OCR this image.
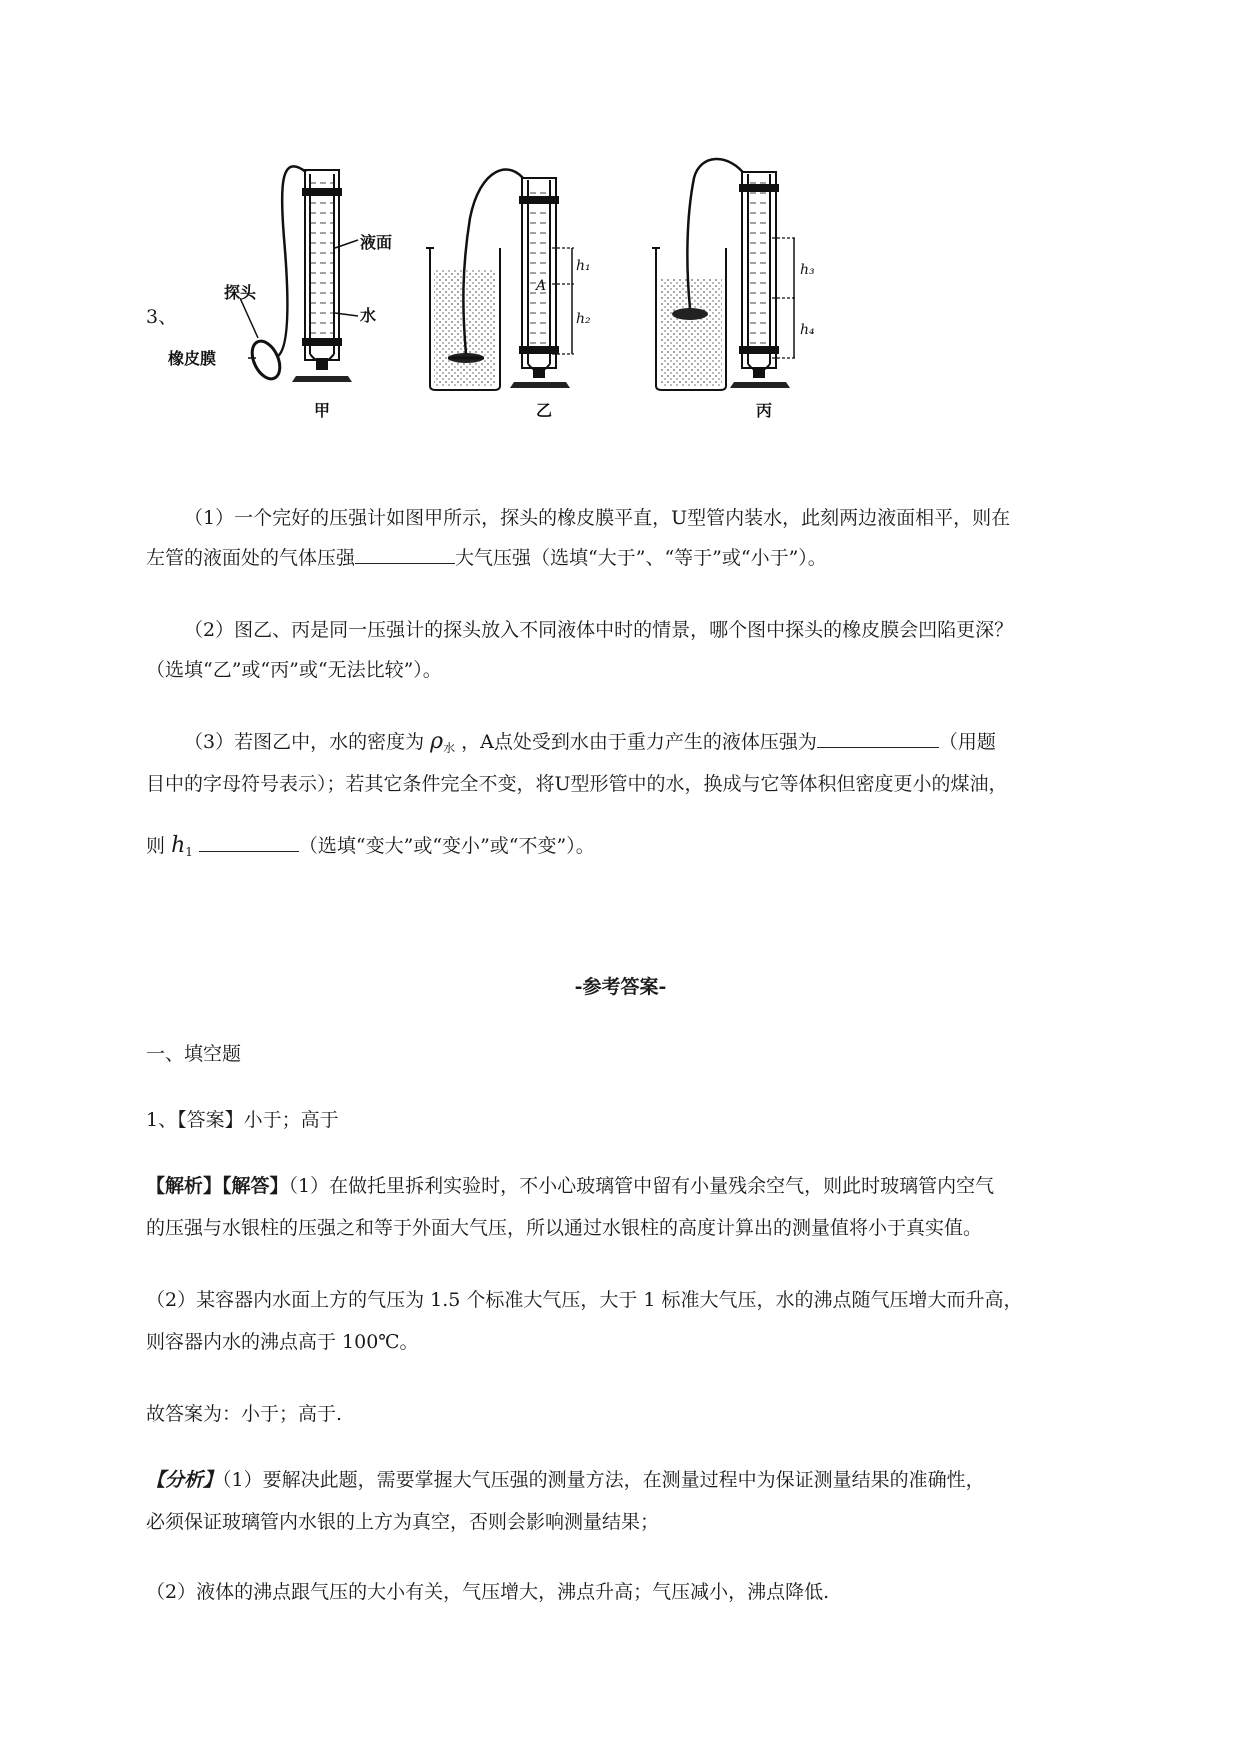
3、
液面
水
探头
橡皮膜
甲
h₁
h₂
A
乙
h₃
h₄
丙
（1）一个完好的压强计如图甲所示，探头的橡皮膜平直，U型管内装水，此刻两边液面相平，则在
左管的液面处的气体压强	大气压强（选填“大于”、“等于”或“小于”）。
（2）图乙、丙是同一压强计的探头放入不同液体中时的情景，哪个图中探头的橡皮膜会凹陷更深？
（选填“乙”或“丙”或“无法比较”）。
（3）若图乙中，水的密度为 $\rho_水$ ，A点处受到水由于重力产生的液体压强为	（用题
目中的字母符号表示）；若其它条件完全不变，将U型形管中的水，换成与它等体积但密度更小的煤油，
则 $h_1$	（选填“变大”或“变小”或“不变”）。
-参考答案-
一、填空题
1、【答案】小于；高于
【解析】【解答】（1）在做托里拆利实验时，不小心玻璃管中留有小量残余空气，则此时玻璃管内空气
的压强与水银柱的压强之和等于外面大气压，所以通过水银柱的高度计算出的测量值将小于真实值。
（2）某容器内水面上方的气压为 1.5 个标准大气压，大于 1 标准大气压，水的沸点随气压增大而升高，
则容器内水的沸点高于 100℃。
故答案为：小于；高于.
【分析】（1）要解决此题，需要掌握大气压强的测量方法，在测量过程中为保证测量结果的准确性，
必须保证玻璃管内水银的上方为真空，否则会影响测量结果；
（2）液体的沸点跟气压的大小有关，气压增大，沸点升高；气压减小，沸点降低.
